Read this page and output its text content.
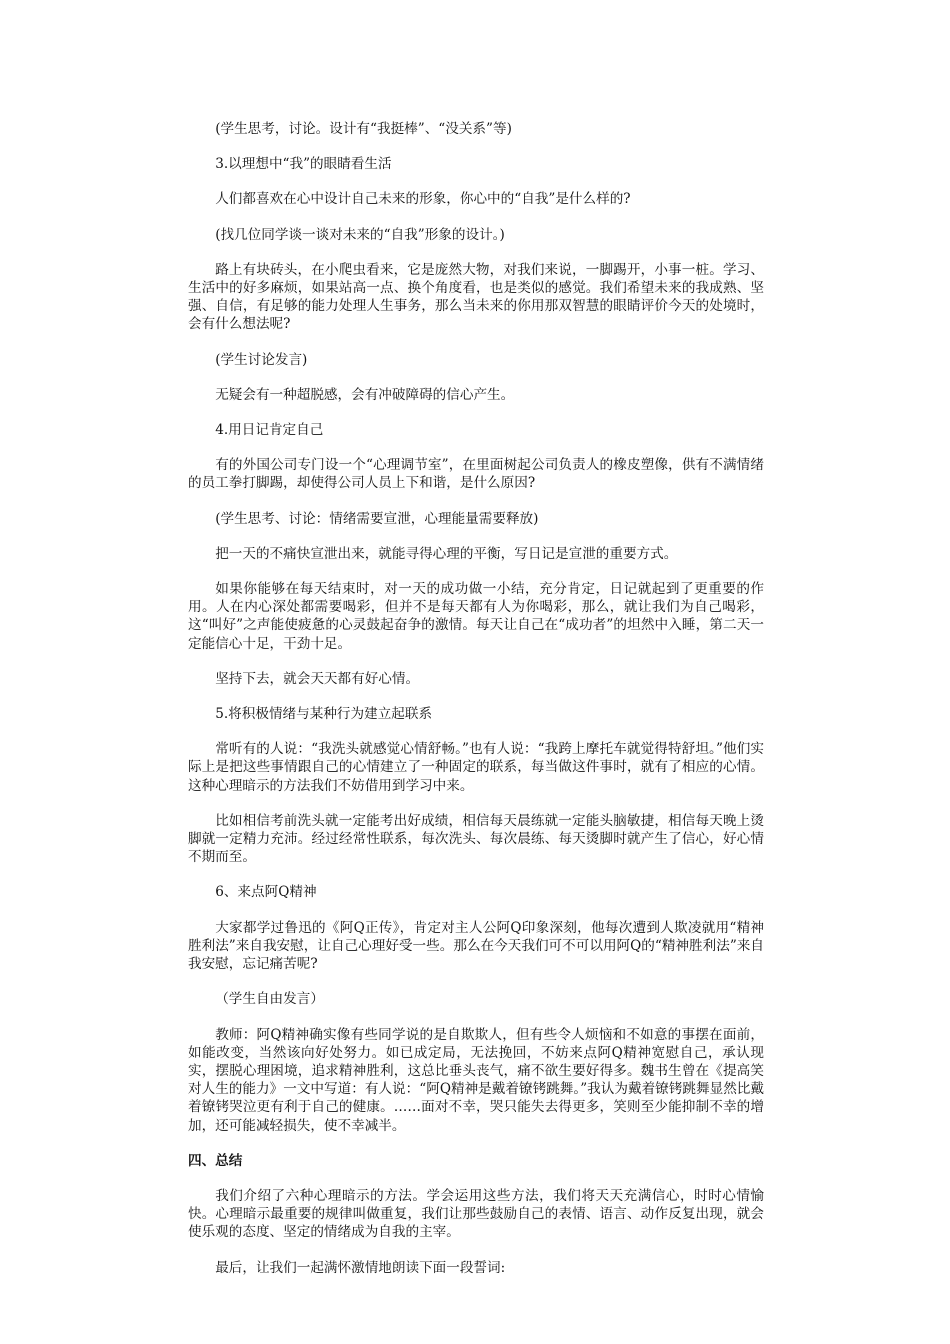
(学生思考，讨论。设计有“我挺棒”、“没关系”等)

3.以理想中“我”的眼睛看生活

人们都喜欢在心中设计自己未来的形象，你心中的“自我”是什么样的?

(找几位同学谈一谈对未来的“自我”形象的设计。)

路上有块砖头，在小爬虫看来，它是庞然大物，对我们来说，一脚踢开，小事一桩。学习、生活中的好多麻烦，如果站高一点、换个角度看，也是类似的感觉。我们希望未来的我成熟、坚强、自信，有足够的能力处理人生事务，那么当未来的你用那双智慧的眼睛评价今天的处境时，会有什么想法呢?

(学生讨论发言)

无疑会有一种超脱感，会有冲破障碍的信心产生。

4.用日记肯定自己

有的外国公司专门设一个“心理调节室”，在里面树起公司负责人的橡皮塑像，供有不满情绪的员工拳打脚踢，却使得公司人员上下和谐，是什么原因?

(学生思考、讨论：情绪需要宣泄，心理能量需要释放)

把一天的不痛快宣泄出来，就能寻得心理的平衡，写日记是宣泄的重要方式。

如果你能够在每天结束时，对一天的成功做一小结，充分肯定，日记就起到了更重要的作用。人在内心深处都需要喝彩，但并不是每天都有人为你喝彩，那么，就让我们为自己喝彩，这“叫好”之声能使疲惫的心灵鼓起奋争的激情。每天让自己在“成功者”的坦然中入睡，第二天一定能信心十足，干劲十足。

坚持下去，就会天天都有好心情。

5.将积极情绪与某种行为建立起联系

常听有的人说：“我洗头就感觉心情舒畅。”也有人说：“我跨上摩托车就觉得特舒坦。”他们实际上是把这些事情跟自己的心情建立了一种固定的联系，每当做这件事时，就有了相应的心情。这种心理暗示的方法我们不妨借用到学习中来。

比如相信考前洗头就一定能考出好成绩，相信每天晨练就一定能头脑敏捷，相信每天晚上烫脚就一定精力充沛。经过经常性联系，每次洗头、每次晨练、每天烫脚时就产生了信心，好心情不期而至。

6、来点阿Q精神

大家都学过鲁迅的《阿Q正传》，肯定对主人公阿Q印象深刻，他每次遭到人欺凌就用“精神胜利法”来自我安慰，让自己心理好受一些。那么在今天我们可不可以用阿Q的“精神胜利法”来自我安慰，忘记痛苦呢?

（学生自由发言）

教师：阿Q精神确实像有些同学说的是自欺欺人，但有些令人烦恼和不如意的事摆在面前，如能改变，当然该向好处努力。如已成定局，无法挽回，不妨来点阿Q精神宽慰自己，承认现实，摆脱心理困境，追求精神胜利，这总比垂头丧气，痛不欲生要好得多。魏书生曾在《提高笑对人生的能力》一文中写道：有人说：“阿Q精神是戴着镣铐跳舞。”我认为戴着镣铐跳舞显然比戴着镣铐哭泣更有利于自己的健康。……面对不幸，哭只能失去得更多，笑则至少能抑制不幸的增加，还可能减轻损失，使不幸减半。

四、总结

我们介绍了六种心理暗示的方法。学会运用这些方法，我们将天天充满信心，时时心情愉快。心理暗示最重要的规律叫做重复，我们让那些鼓励自己的表情、语言、动作反复出现，就会使乐观的态度、坚定的情绪成为自我的主宰。

最后，让我们一起满怀激情地朗读下面一段誓词:
